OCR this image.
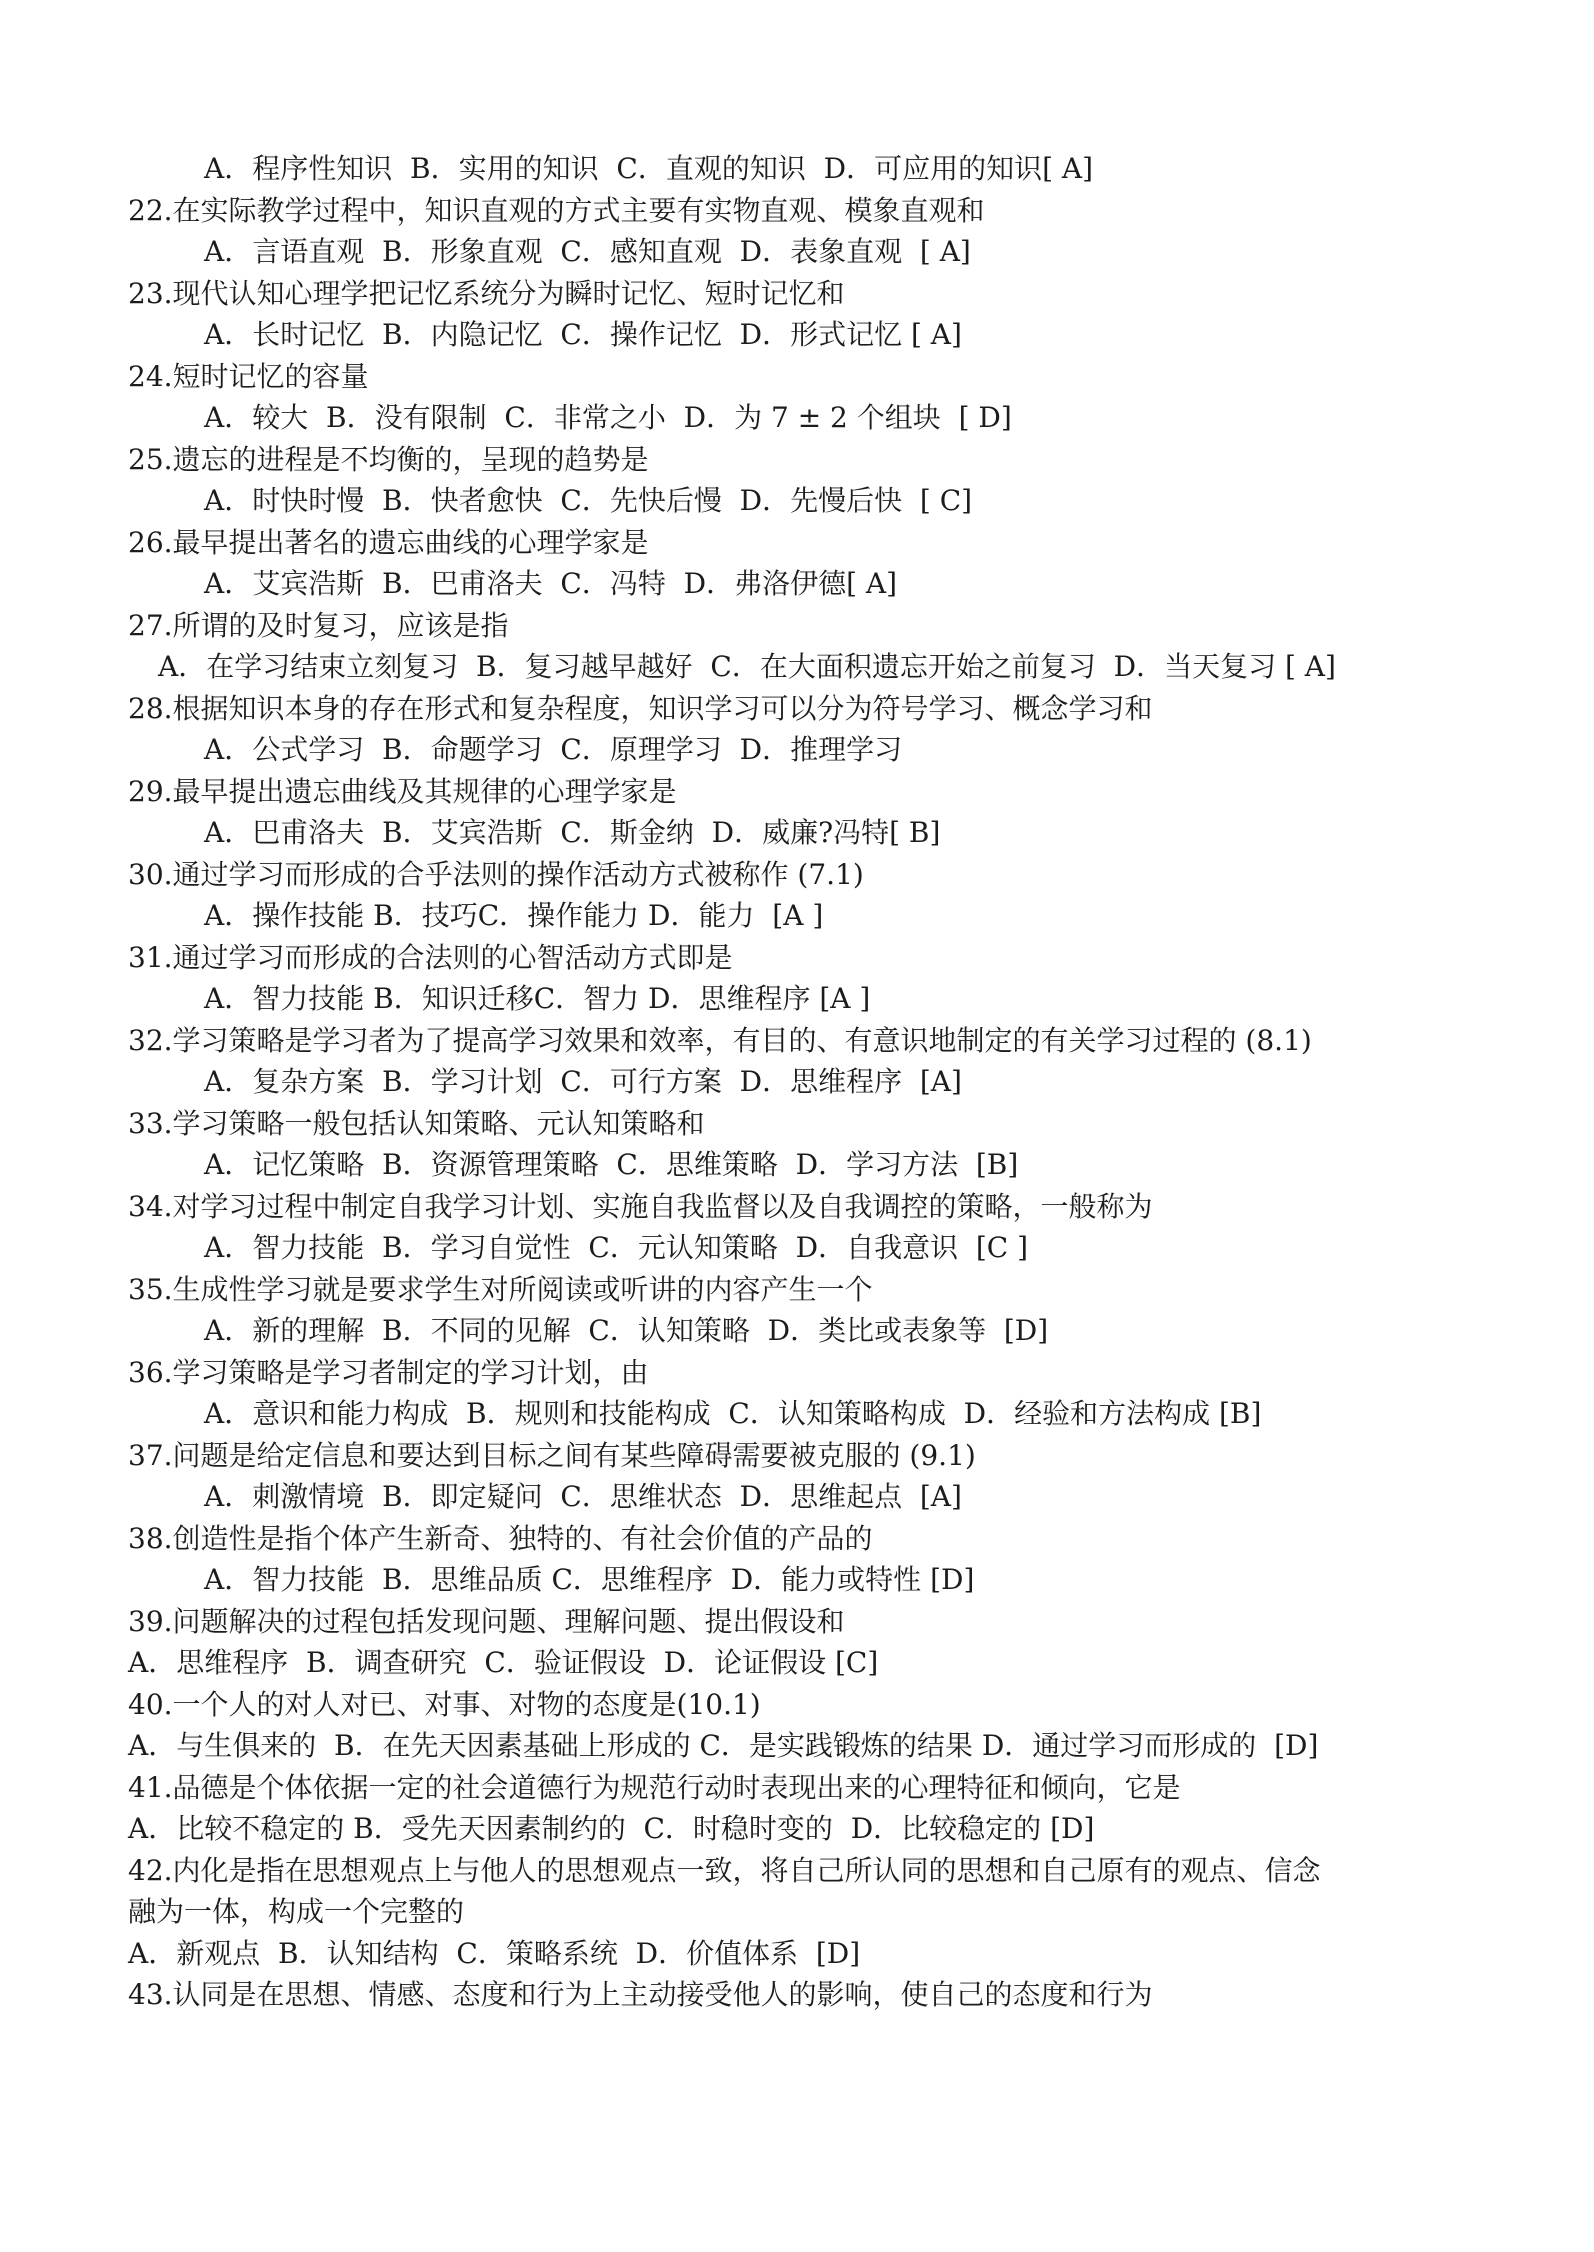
A．程序性知识  B．实用的知识  C．直观的知识  D．可应用的知识[ A]
22.在实际教学过程中，知识直观的方式主要有实物直观、模象直观和
A．言语直观  B．形象直观  C．感知直观  D．表象直观  [ A]
23.现代认知心理学把记忆系统分为瞬时记忆、短时记忆和
A．长时记忆  B．内隐记忆  C．操作记忆  D．形式记忆 [ A]
24.短时记忆的容量
A．较大  B．没有限制  C．非常之小  D．为 7 ± 2 个组块  [ D]
25.遗忘的进程是不均衡的，呈现的趋势是
A．时快时慢  B．快者愈快  C．先快后慢  D．先慢后快  [ C]
26.最早提出著名的遗忘曲线的心理学家是
A．艾宾浩斯  B．巴甫洛夫  C．冯特  D．弗洛伊德[ A]
27.所谓的及时复习，应该是指
A．在学习结束立刻复习  B．复习越早越好  C．在大面积遗忘开始之前复习  D．当天复习 [ A]
28.根据知识本身的存在形式和复杂程度，知识学习可以分为符号学习、概念学习和
A．公式学习  B．命题学习  C．原理学习  D．推理学习
29.最早提出遗忘曲线及其规律的心理学家是
A．巴甫洛夫  B．艾宾浩斯  C．斯金纳  D．威廉?冯特[ B]
30.通过学习而形成的合乎法则的操作活动方式被称作 (7.1)
A．操作技能 B．技巧C．操作能力 D．能力  [A ]
31.通过学习而形成的合法则的心智活动方式即是
A．智力技能 B．知识迁移C．智力 D．思维程序 [A ]
32.学习策略是学习者为了提高学习效果和效率，有目的、有意识地制定的有关学习过程的 (8.1)
A．复杂方案  B．学习计划  C．可行方案  D．思维程序  [A]
33.学习策略一般包括认知策略、元认知策略和
A．记忆策略  B．资源管理策略  C．思维策略  D．学习方法  [B]
34.对学习过程中制定自我学习计划、实施自我监督以及自我调控的策略，一般称为
A．智力技能  B．学习自觉性  C．元认知策略  D．自我意识  [C ]
35.生成性学习就是要求学生对所阅读或听讲的内容产生一个
A．新的理解  B．不同的见解  C．认知策略  D．类比或表象等  [D]
36.学习策略是学习者制定的学习计划，由
A．意识和能力构成  B．规则和技能构成  C．认知策略构成  D．经验和方法构成 [B]
37.问题是给定信息和要达到目标之间有某些障碍需要被克服的 (9.1)
A．刺激情境  B．即定疑问  C．思维状态  D．思维起点  [A]
38.创造性是指个体产生新奇、独特的、有社会价值的产品的
A．智力技能  B．思维品质 C．思维程序  D．能力或特性 [D]
39.问题解决的过程包括发现问题、理解问题、提出假设和
A．思维程序  B．调查研究  C．验证假设  D．论证假设 [C]
40.一个人的对人对已、对事、对物的态度是(10.1)
A．与生俱来的  B．在先天因素基础上形成的 C．是实践锻炼的结果 D．通过学习而形成的  [D]
41.品德是个体依据一定的社会道德行为规范行动时表现出来的心理特征和倾向，它是
A．比较不稳定的 B．受先天因素制约的  C．时稳时变的  D．比较稳定的 [D]
42.内化是指在思想观点上与他人的思想观点一致，将自己所认同的思想和自己原有的观点、信念
融为一体，构成一个完整的
A．新观点  B．认知结构  C．策略系统  D．价值体系  [D]
43.认同是在思想、情感、态度和行为上主动接受他人的影响，使自己的态度和行为
